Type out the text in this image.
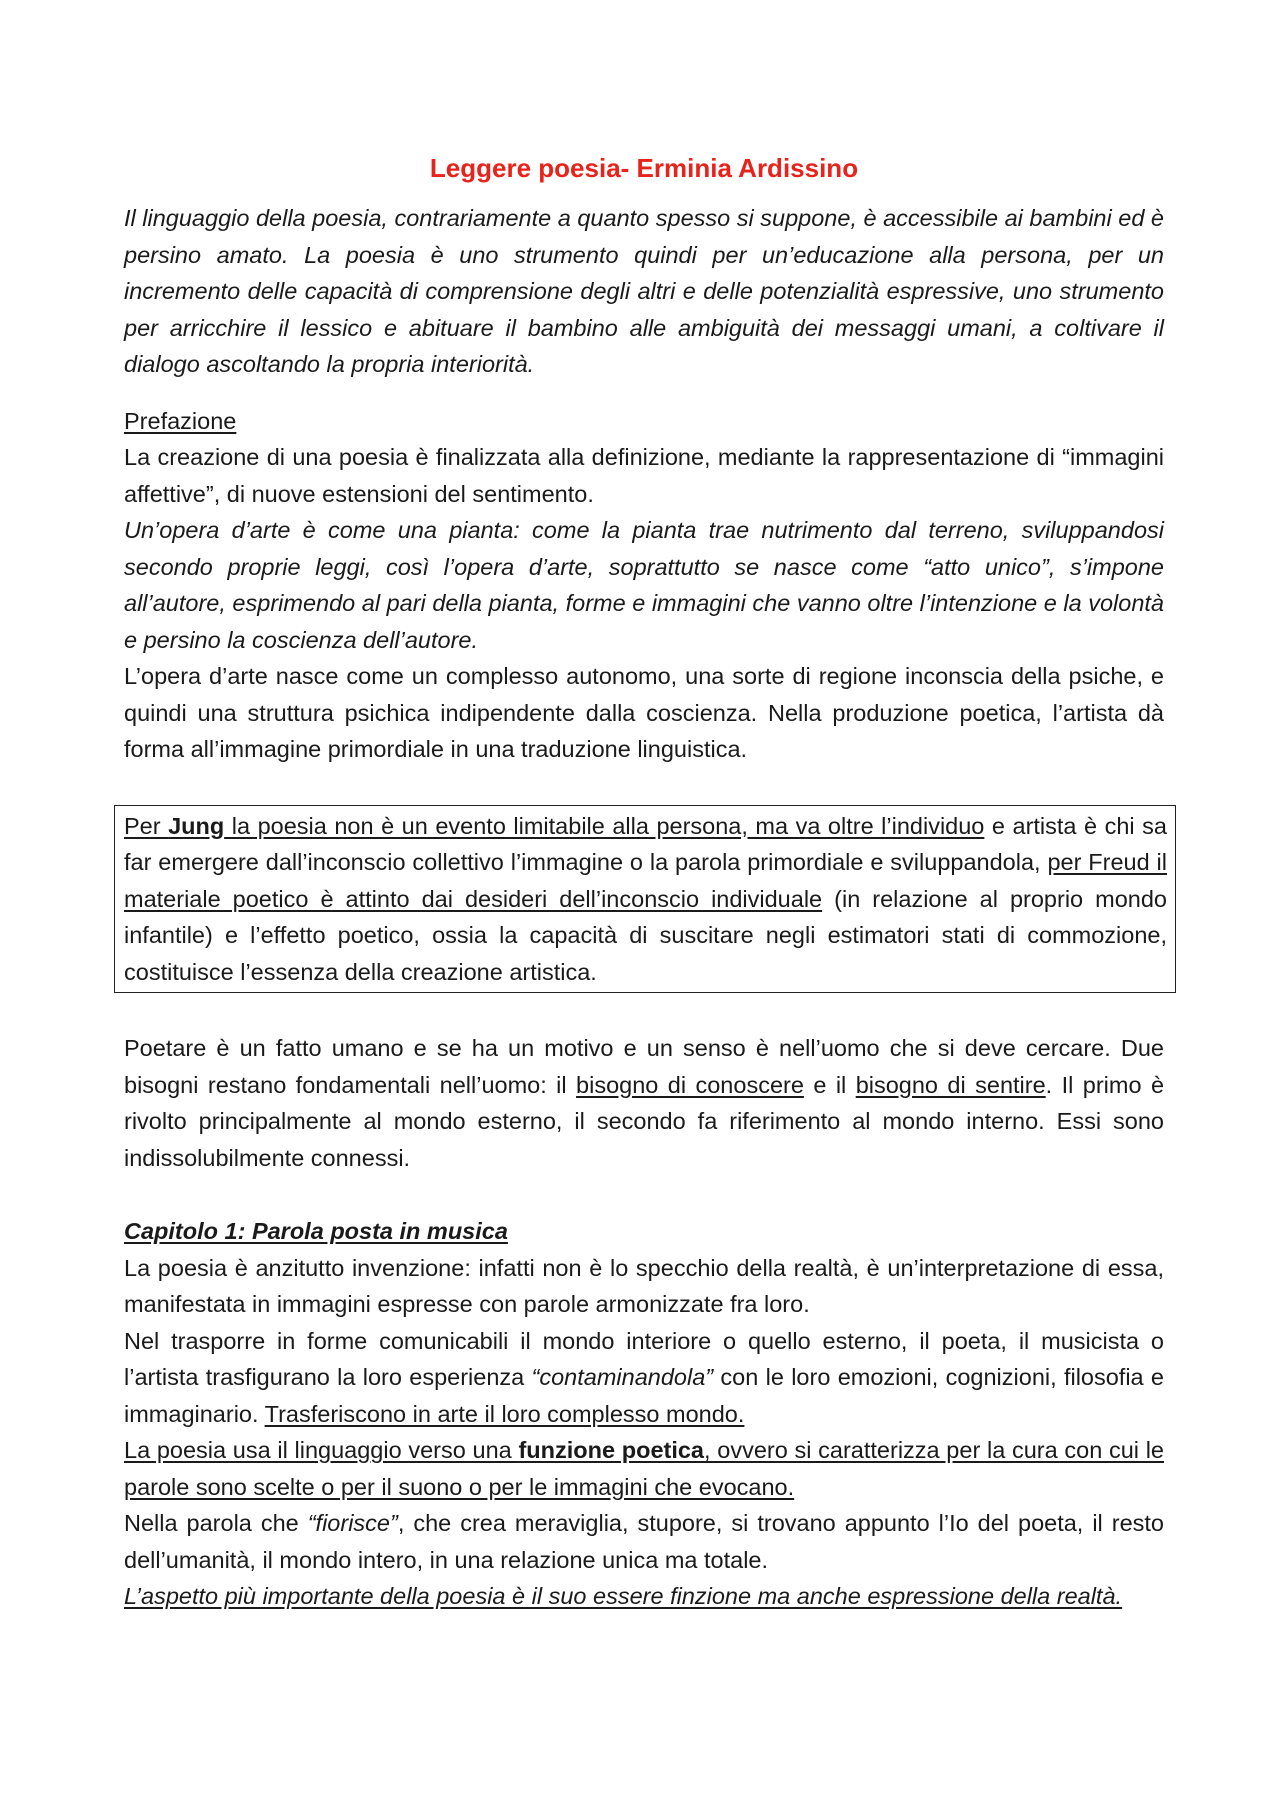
Leggere poesia- Erminia Ardissino

Il linguaggio della poesia, contrariamente a quanto spesso si suppone, è accessibile ai bambini ed è persino amato. La poesia è uno strumento quindi per un’educazione alla persona, per un incremento delle capacità di comprensione degli altri e delle potenzialità espressive, uno strumento per arricchire il lessico e abituare il bambino alle ambiguità dei messaggi umani, a coltivare il dialogo ascoltando la propria interiorità.

Prefazione

La creazione di una poesia è finalizzata alla definizione, mediante la rappresentazione di “immagini affettive”, di nuove estensioni del sentimento.

Un’opera d’arte è come una pianta: come la pianta trae nutrimento dal terreno, sviluppandosi secondo proprie leggi, così l’opera d’arte, soprattutto se nasce come “atto unico”, s’impone all’autore, esprimendo al pari della pianta, forme e immagini che vanno oltre l’intenzione e la volontà e persino la coscienza dell’autore.

L’opera d’arte nasce come un complesso autonomo, una sorte di regione inconscia della psiche, e quindi una struttura psichica indipendente dalla coscienza. Nella produzione poetica, l’artista dà forma all’immagine primordiale in una traduzione linguistica.

Per Jung la poesia non è un evento limitabile alla persona, ma va oltre l’individuo e artista è chi sa far emergere dall’inconscio collettivo l’immagine o la parola primordiale e sviluppandola, per Freud il materiale poetico è attinto dai desideri dell’inconscio individuale (in relazione al proprio mondo infantile) e l’effetto poetico, ossia la capacità di suscitare negli estimatori stati di commozione, costituisce l’essenza della creazione artistica.

Poetare è un fatto umano e se ha un motivo e un senso è nell’uomo che si deve cercare. Due bisogni restano fondamentali nell’uomo: il bisogno di conoscere e il bisogno di sentire. Il primo è rivolto principalmente al mondo esterno, il secondo fa riferimento al mondo interno. Essi sono indissolubilmente connessi.

Capitolo 1: Parola posta in musica

La poesia è anzitutto invenzione: infatti non è lo specchio della realtà, è un’interpretazione di essa, manifestata in immagini espresse con parole armonizzate fra loro.

Nel trasporre in forme comunicabili il mondo interiore o quello esterno, il poeta, il musicista o l’artista trasfigurano la loro esperienza “contaminandola” con le loro emozioni, cognizioni, filosofia e immaginario. Trasferiscono in arte il loro complesso mondo.

La poesia usa il linguaggio verso una funzione poetica, ovvero si caratterizza per la cura con cui le parole sono scelte o per il suono o per le immagini che evocano.

Nella parola che “fiorisce”, che crea meraviglia, stupore, si trovano appunto l’Io del poeta, il resto dell’umanità, il mondo intero, in una relazione unica ma totale.

L’aspetto più importante della poesia è il suo essere finzione ma anche espressione della realtà.
